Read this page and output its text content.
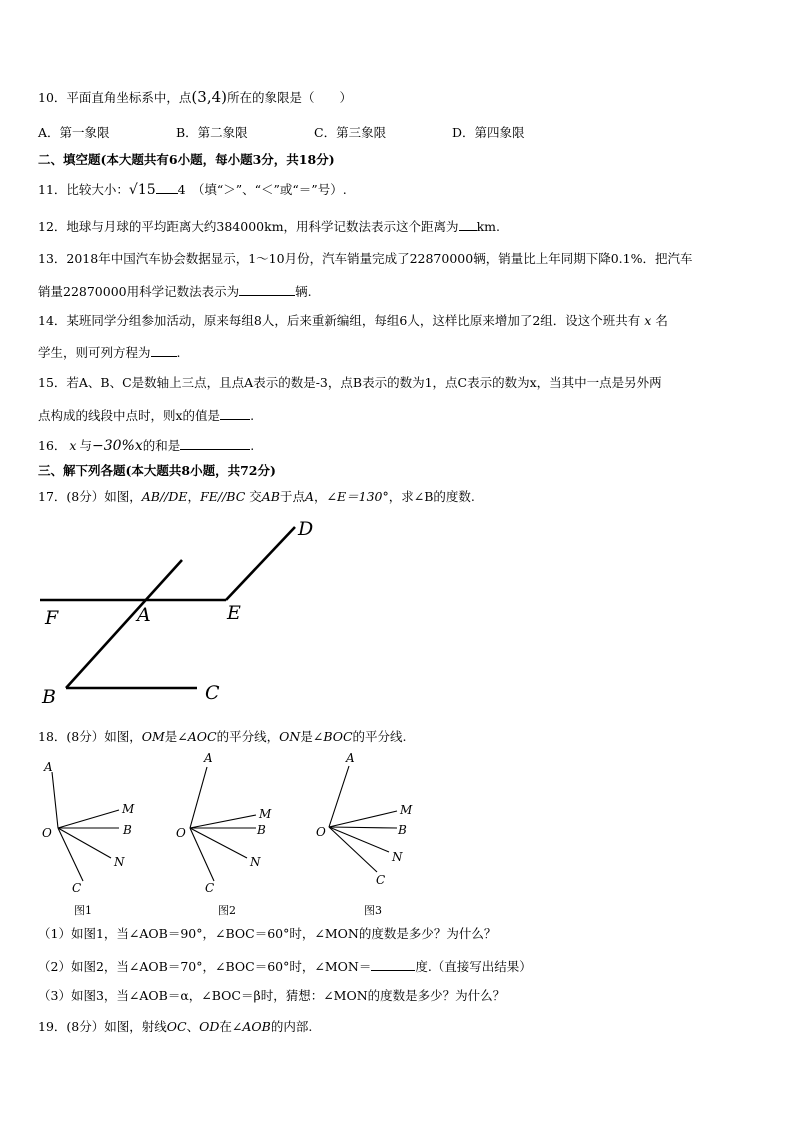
10．平面直角坐标系中，点(3,4)所在的象限是（　　）
A．第一象限	B．第二象限	C．第三象限	D．第四象限
二、填空题(本大题共有6小题，每小题3分，共18分)
11．比较大小：√15 4　（填“＞”、“＜”或“＝”号）.
12．地球与月球的平均距离大约384000km，用科学记数法表示这个距离为 km.
13．2018年中国汽车协会数据显示，1～10月份，汽车销量完成了22870000辆，销量比上年同期下降0.1%．把汽车
销量22870000用科学记数法表示为	辆.
14．某班同学分组参加活动，原来每组8人，后来重新编组，每组6人，这样比原来增加了2组．设这个班共有 x 名
学生，则可列方程为 .
15．若A、B、C是数轴上三点，且点A表示的数是-3，点B表示的数为1，点C表示的数为x，当其中一点是另外两
点构成的线段中点时，则x的值是 .
16． x 与−30%x的和是	.
三、解下列各题(本大题共8小题，共72分)
17．(8分）如图，AB//DE，FE//BC 交AB于点A，∠E＝130°，求∠B的度数.
D
F	A	E
B	C
18．(8分）如图，OM是∠AOC的平分线，ON是∠BOC的平分线.
A
M
B
O
N
C
图1
A
M
B
O
N
C
图2
A
M
B
O
N
C
图3
（1）如图1，当∠AOB＝90°，∠BOC＝60°时，∠MON的度数是多少？为什么？
（2）如图2，当∠AOB＝70°，∠BOC＝60°时，∠MON＝	度.（直接写出结果）
（3）如图3，当∠AOB＝α，∠BOC＝β时，猜想：∠MON的度数是多少？为什么？
19．(8分）如图，射线OC、OD在∠AOB的内部.
